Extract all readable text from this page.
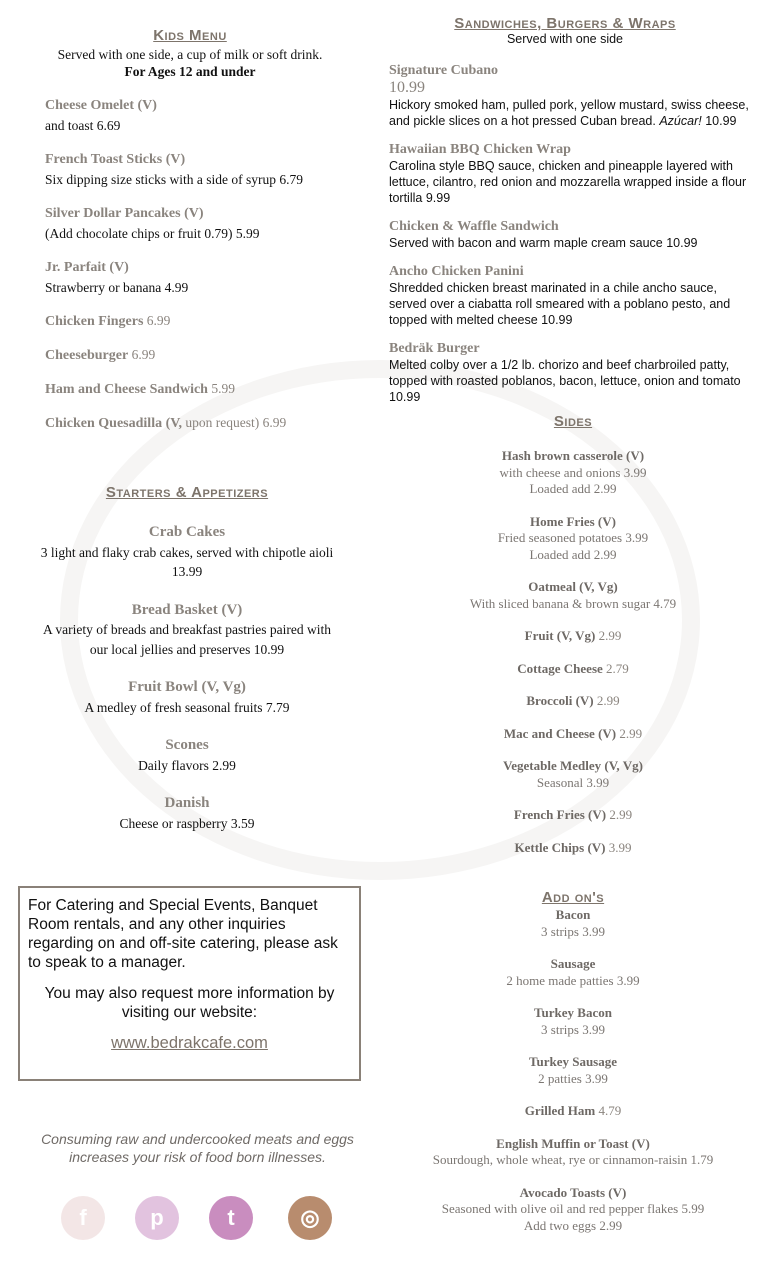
Kids Menu
Served with one side, a cup of milk or soft drink.
For Ages 12 and under
Cheese Omelet (V)
and toast 6.69
French Toast Sticks (V)
Six dipping size sticks with a side of syrup 6.79
Silver Dollar Pancakes (V)
(Add chocolate chips or fruit 0.79) 5.99
Jr. Parfait (V)
Strawberry or banana 4.99
Chicken Fingers 6.99
Cheeseburger 6.99
Ham and Cheese Sandwich 5.99
Chicken Quesadilla (V, upon request) 6.99
Starters & Appetizers
Crab Cakes
3 light and flaky crab cakes, served with chipotle aioli
13.99
Bread Basket (V)
A variety of breads and breakfast pastries paired with
our local jellies and preserves 10.99
Fruit Bowl (V, Vg)
A medley of fresh seasonal fruits 7.79
Scones
Daily flavors 2.99
Danish
Cheese or raspberry 3.59

For Catering and Special Events, Banquet Room rentals, and any other inquiries regarding on and off-site catering, please ask to speak to a manager.

You may also request more information by visiting our website:

www.bedrakcafe.com

Consuming raw and undercooked meats and eggs
increases your risk of food born illnesses.
f	p	t	◎
Sandwiches, Burgers & Wraps
Served with one side
Signature Cubano
10.99
Hickory smoked ham, pulled pork, yellow mustard, swiss cheese, and pickle slices on a hot pressed Cuban bread. Azúcar! 10.99
Hawaiian BBQ Chicken Wrap
Carolina style BBQ sauce, chicken and pineapple layered with lettuce, cilantro, red onion and mozzarella wrapped inside a flour tortilla 9.99
Chicken & Waffle Sandwich
Served with bacon and warm maple cream sauce 10.99
Ancho Chicken Panini
Shredded chicken breast marinated in a chile ancho sauce, served over a ciabatta roll smeared with a poblano pesto, and topped with melted cheese 10.99
Bedräk Burger
Melted colby over a 1/2 lb. chorizo and beef charbroiled patty, topped with roasted poblanos, bacon, lettuce, onion and tomato 10.99
Sides
Hash brown casserole (V)
with cheese and onions 3.99
Loaded add 2.99
Home Fries (V)
Fried seasoned potatoes 3.99
Loaded add 2.99
Oatmeal (V, Vg)
With sliced banana & brown sugar 4.79
Fruit (V, Vg) 2.99
Cottage Cheese 2.79
Broccoli (V) 2.99
Mac and Cheese (V) 2.99
Vegetable Medley (V, Vg)
Seasonal 3.99
French Fries (V) 2.99
Kettle Chips (V) 3.99
Add on's
Bacon
3 strips 3.99
Sausage
2 home made patties 3.99
Turkey Bacon
3 strips 3.99
Turkey Sausage
2 patties 3.99
Grilled Ham 4.79
English Muffin or Toast (V)
Sourdough, whole wheat, rye or cinnamon-raisin 1.79
Avocado Toasts (V)
Seasoned with olive oil and red pepper flakes 5.99
Add two eggs 2.99
